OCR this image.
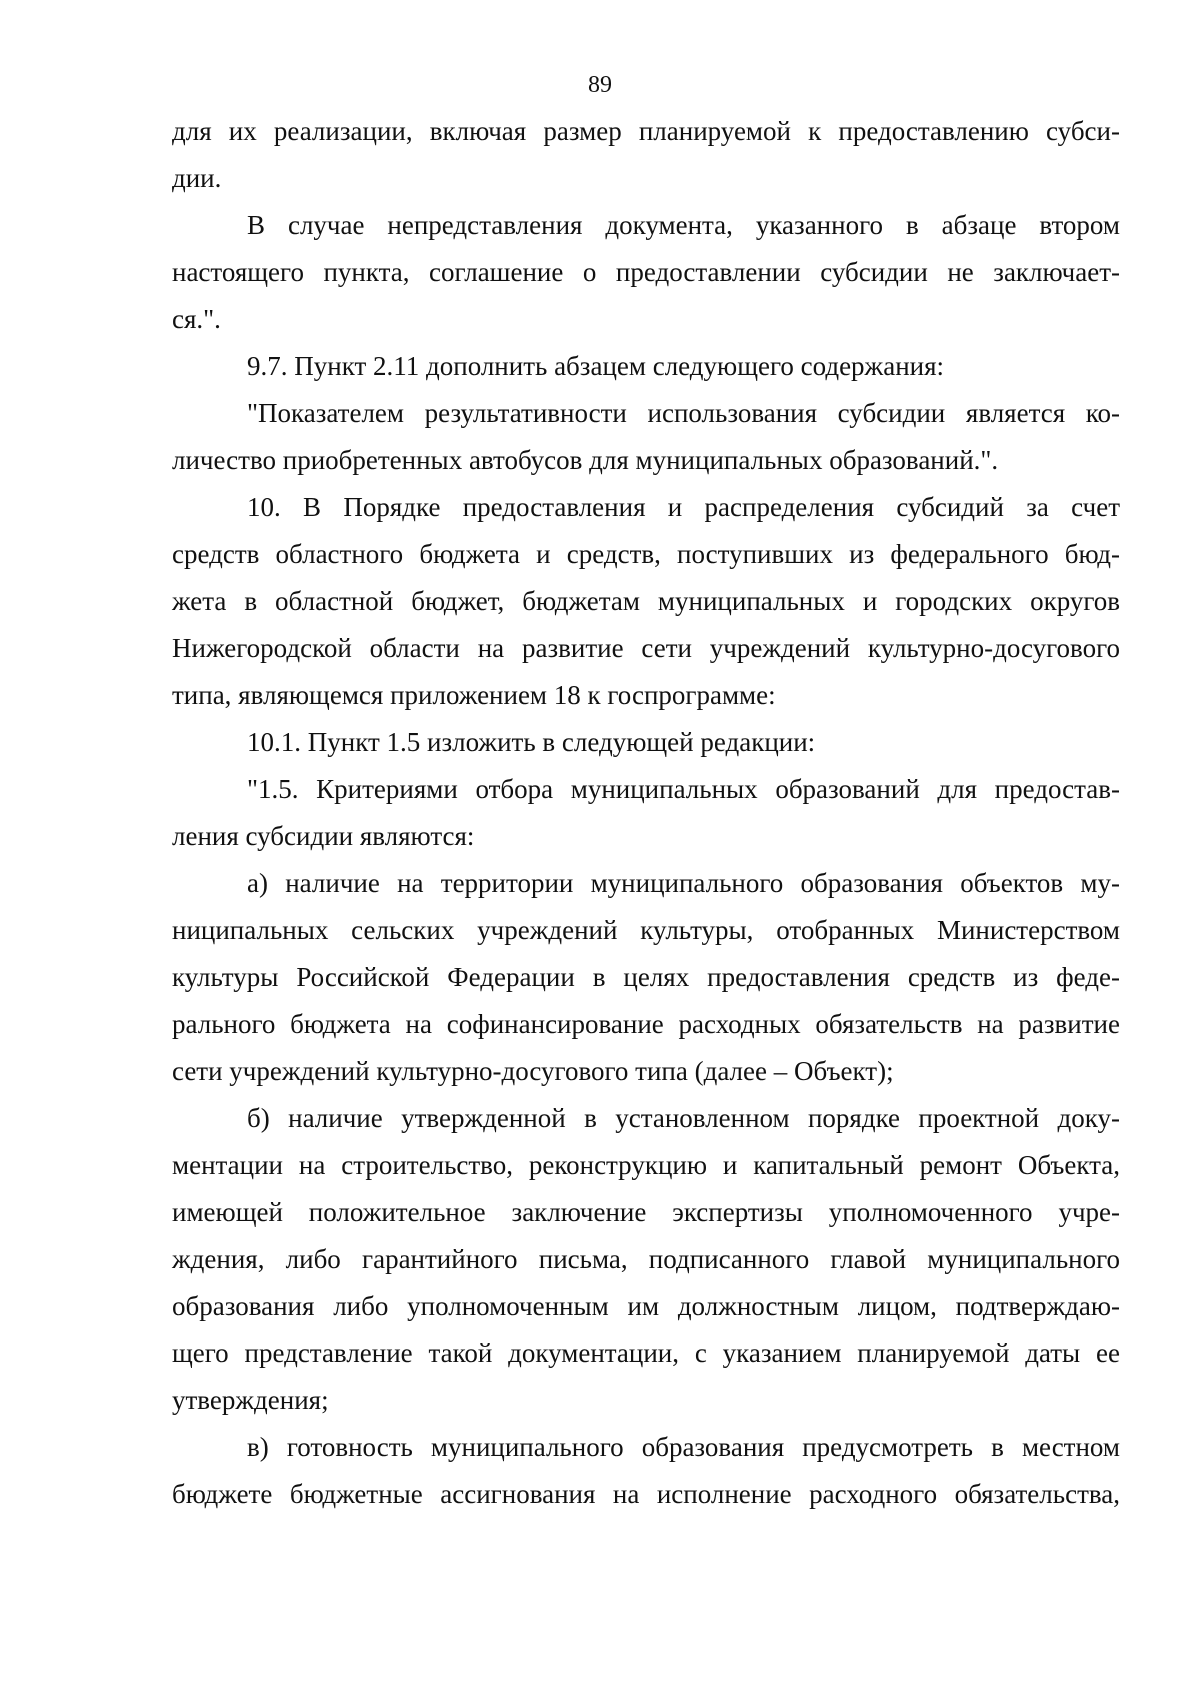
89
для их реализации, включая размер планируемой к предоставлению субси-
дии.
В случае непредставления документа, указанного в абзаце втором
настоящего пункта, соглашение о предоставлении субсидии не заключает-
ся.".
9.7. Пункт 2.11 дополнить абзацем следующего содержания:
"Показателем результативности использования субсидии является ко-
личество приобретенных автобусов для муниципальных образований.".
10. В Порядке предоставления и распределения субсидий за счет
средств областного бюджета и средств, поступивших из федерального бюд-
жета в областной бюджет, бюджетам муниципальных и городских округов
Нижегородской области на развитие сети учреждений культурно-досугового
типа, являющемся приложением 18 к госпрограмме:
10.1. Пункт 1.5 изложить в следующей редакции:
"1.5. Критериями отбора муниципальных образований для предостав-
ления субсидии являются:
а) наличие на территории муниципального образования объектов му-
ниципальных сельских учреждений культуры, отобранных Министерством
культуры Российской Федерации в целях предоставления средств из феде-
рального бюджета на софинансирование расходных обязательств на развитие
сети учреждений культурно-досугового типа (далее – Объект);
б) наличие утвержденной в установленном порядке проектной доку-
ментации на строительство, реконструкцию и капитальный ремонт Объекта,
имеющей положительное заключение экспертизы уполномоченного учре-
ждения, либо гарантийного письма, подписанного главой муниципального
образования либо уполномоченным им должностным лицом, подтверждаю-
щего представление такой документации, с указанием планируемой даты ее
утверждения;
в) готовность муниципального образования предусмотреть в местном
бюджете бюджетные ассигнования на исполнение расходного обязательства,
